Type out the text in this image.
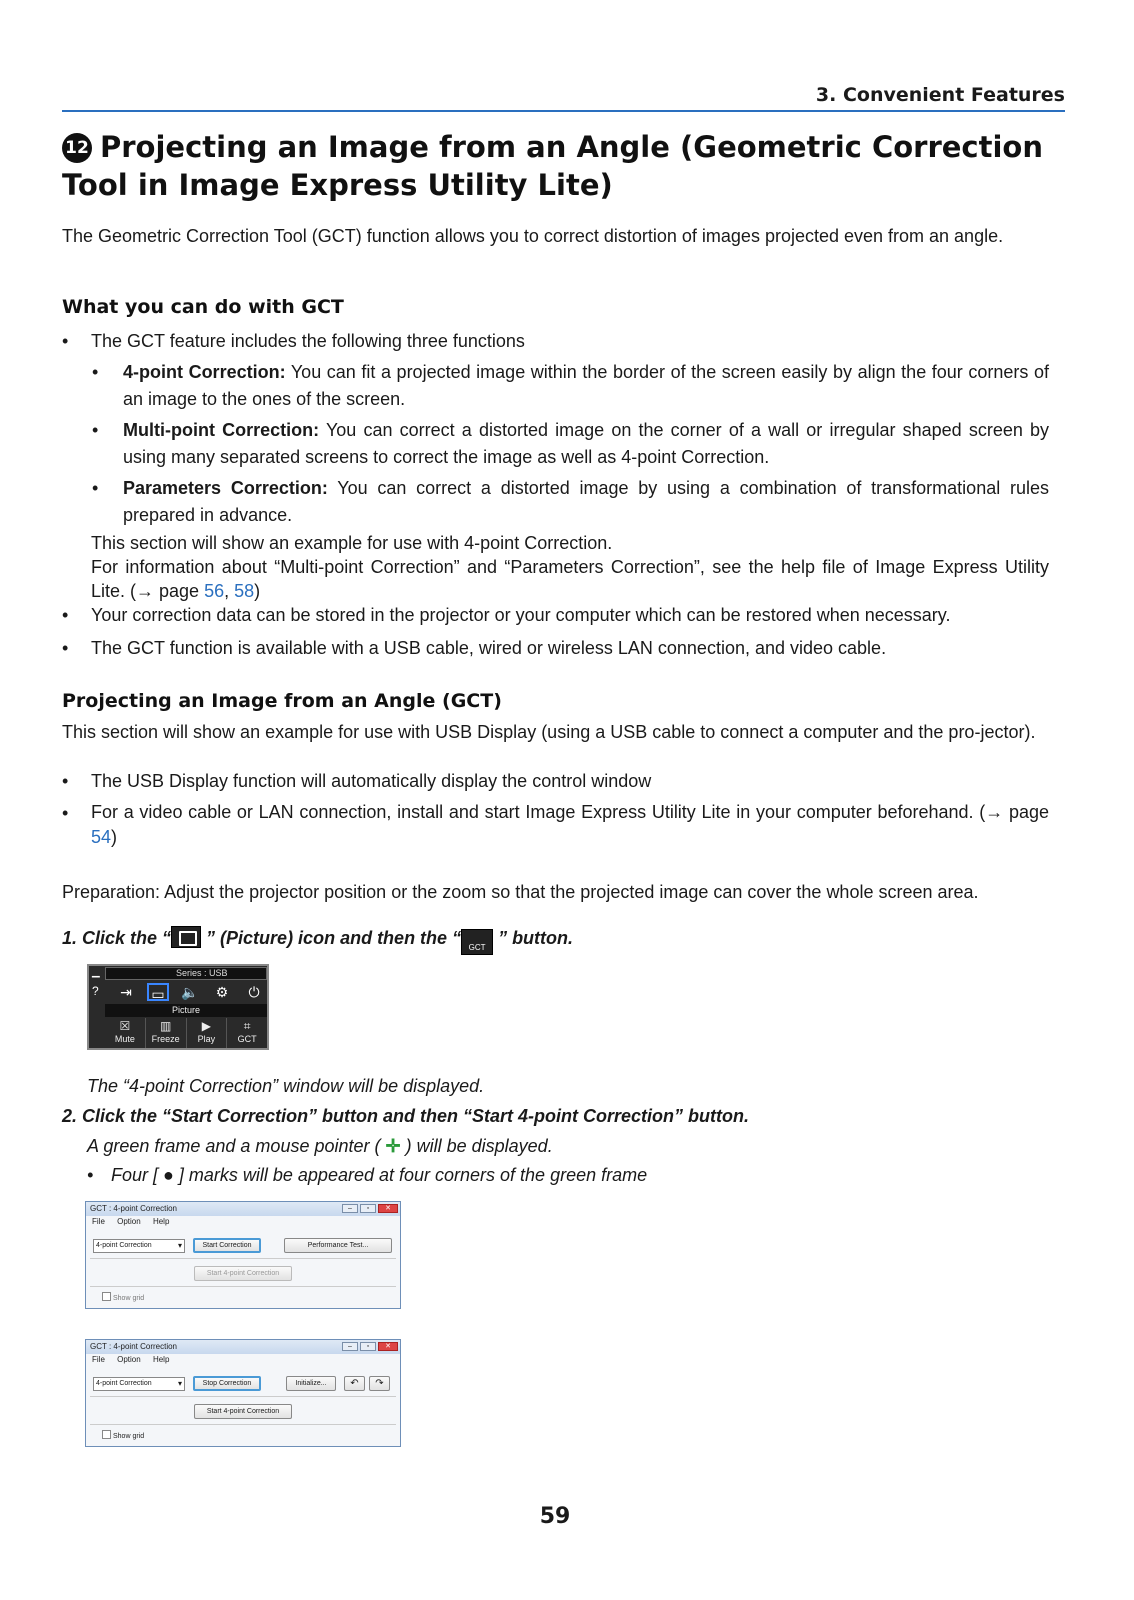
3. Convenient Features
12 Projecting an Image from an Angle (Geometric Correction
Tool in Image Express Utility Lite)
The Geometric Correction Tool (GCT) function allows you to correct distortion of images projected even from an angle.
What you can do with GCT
• The GCT feature includes the following three functions
• 4-point Correction: You can fit a projected image within the border of the screen easily by align the four corners of an image to the ones of the screen.
• Multi-point Correction: You can correct a distorted image on the corner of a wall or irregular shaped screen by using many separated screens to correct the image as well as 4-point Correction.
• Parameters Correction: You can correct a distorted image by using a combination of transformational rules prepared in advance.
This section will show an example for use with 4-point Correction.
For information about “Multi-point Correction” and “Parameters Correction”, see the help file of Image Express Utility Lite. (→ page 56, 58)
• Your correction data can be stored in the projector or your computer which can be restored when necessary.
• The GCT function is available with a USB cable, wired or wireless LAN connection, and video cable.
Projecting an Image from an Angle (GCT)
This section will show an example for use with USB Display (using a USB cable to connect a computer and the pro-jector).
• The USB Display function will automatically display the control window
• For a video cable or LAN connection, install and start Image Express Utility Lite in your computer beforehand. (→ page 54)
Preparation: Adjust the projector position or the zoom so that the projected image can cover the whole screen area.
1. Click the “ ” (Picture) icon and then the “ GCT ” button.
▁	Series : USB
?	⇥	▭	🔈	⚙	⏻
Picture
☒
Mute
▥
Freeze
▶
Play
⌗
GCT
The “4-point Correction” window will be displayed.
2. Click the “Start Correction” button and then “Start 4-point Correction” button.
A green frame and a mouse pointer ( ✛ ) will be displayed.
• Four [ ● ] marks will be appeared at four corners of the green frame
GCT : 4-point Correction	–	▫	✕
File Option Help
4-point Correction ▾	Start Correction	Performance Test...
Start 4-point Correction
Show grid
GCT : 4-point Correction	–	▫	✕
File Option Help
4-point Correction ▾	Stop Correction	Initialize...	↶	↷
Start 4-point Correction
Show grid
59
